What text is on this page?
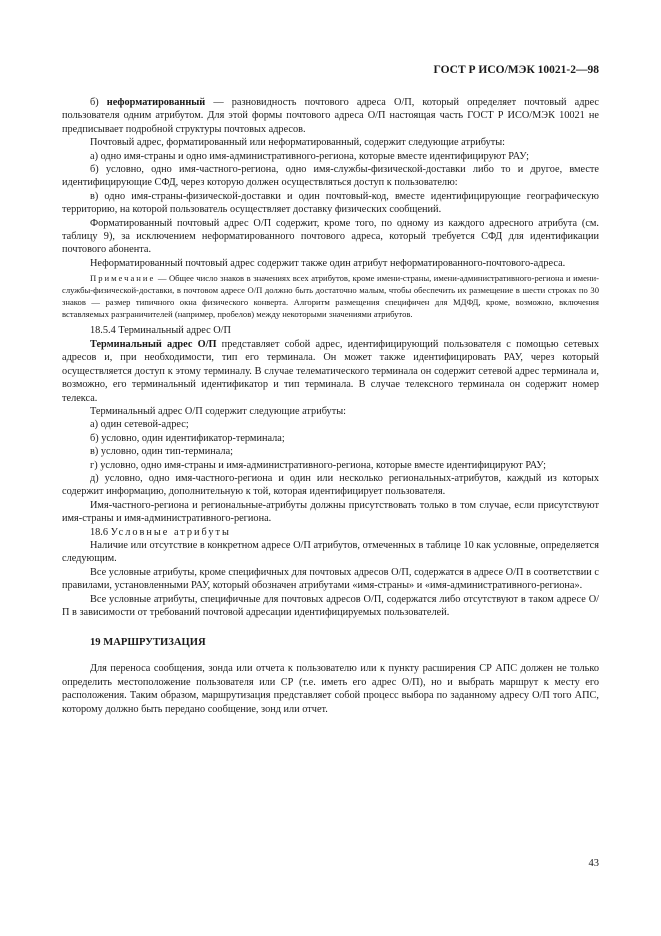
ГОСТ Р ИСО/МЭК 10021-2—98

б) неформатированный — разновидность почтового адреса О/П, который определяет почтовый адрес пользователя одним атрибутом. Для этой формы почтового адреса О/П настоящая часть ГОСТ Р ИСО/МЭК 10021 не предписывает подробной структуры почтовых адресов.

Почтовый адрес, форматированный или неформатированный, содержит следующие атрибуты:

а) одно имя-страны и одно имя-административного-региона, которые вместе идентифицируют РАУ;

б) условно, одно имя-частного-региона, одно имя-службы-физической-доставки либо то и другое, вместе идентифицирующие СФД, через которую должен осуществляться доступ к пользователю:

в) одно имя-страны-физической-доставки и один почтовый-код, вместе идентифицирующие географическую территорию, на которой пользователь осуществляет доставку физических сообщений.

Форматированный почтовый адрес О/П содержит, кроме того, по одному из каждого адресного атрибута (см. таблицу 9), за исключением неформатированного почтового адреса, который требуется СФД для идентификации почтового абонента.

Неформатированный почтовый адрес содержит также один атрибут неформатированного-почтового-адреса.

Примечание — Общее число знаков в значениях всех атрибутов, кроме имени-страны, имени-административного-региона и имени-службы-физической-доставки, в почтовом адресе О/П должно быть достаточно малым, чтобы обеспечить их размещение в шести строках по 30 знаков — размер типичного окна физического конверта. Алгоритм размещения специфичен для МДФД, кроме, возможно, включения вставляемых разграничителей (например, пробелов) между некоторыми значениями атрибутов.

18.5.4 Терминальный адрес О/П

Терминальный адрес О/П представляет собой адрес, идентифицирующий пользователя с помощью сетевых адресов и, при необходимости, тип его терминала. Он может также идентифицировать РАУ, через который осуществляется доступ к этому терминалу. В случае телематического терминала он содержит сетевой адрес терминала и, возможно, его терминальный идентификатор и тип терминала. В случае телексного терминала он содержит номер телекса.

Терминальный адрес О/П содержит следующие атрибуты:

а) один сетевой-адрес;

б) условно, один идентификатор-терминала;

в) условно, один тип-терминала;

г) условно, одно имя-страны и имя-административного-региона, которые вместе идентифицируют РАУ;

д) условно, одно имя-частного-региона и один или несколько региональных-атрибутов, каждый из которых содержит информацию, дополнительную к той, которая идентифицирует пользователя.

Имя-частного-региона и региональные-атрибуты должны присутствовать только в том случае, если присутствуют имя-страны и имя-административного-региона.

18.6 Условные атрибуты

Наличие или отсутствие в конкретном адресе О/П атрибутов, отмеченных в таблице 10 как условные, определяется следующим.

Все условные атрибуты, кроме специфичных для почтовых адресов О/П, содержатся в адресе О/П в соответствии с правилами, установленными РАУ, который обозначен атрибутами «имя-страны» и «имя-административного-региона».

Все условные атрибуты, специфичные для почтовых адресов О/П, содержатся либо отсутствуют в таком адресе О/П в зависимости от требований почтовой адресации идентифицируемых пользователей.

19 МАРШРУТИЗАЦИЯ

Для переноса сообщения, зонда или отчета к пользователю или к пункту расширения СР АПС должен не только определить местоположение пользователя или СР (т.е. иметь его адрес О/П), но и выбрать маршрут к месту его расположения. Таким образом, маршрутизация представляет собой процесс выбора по заданному адресу О/П того АПС, которому должно быть передано сообщение, зонд или отчет.

43
